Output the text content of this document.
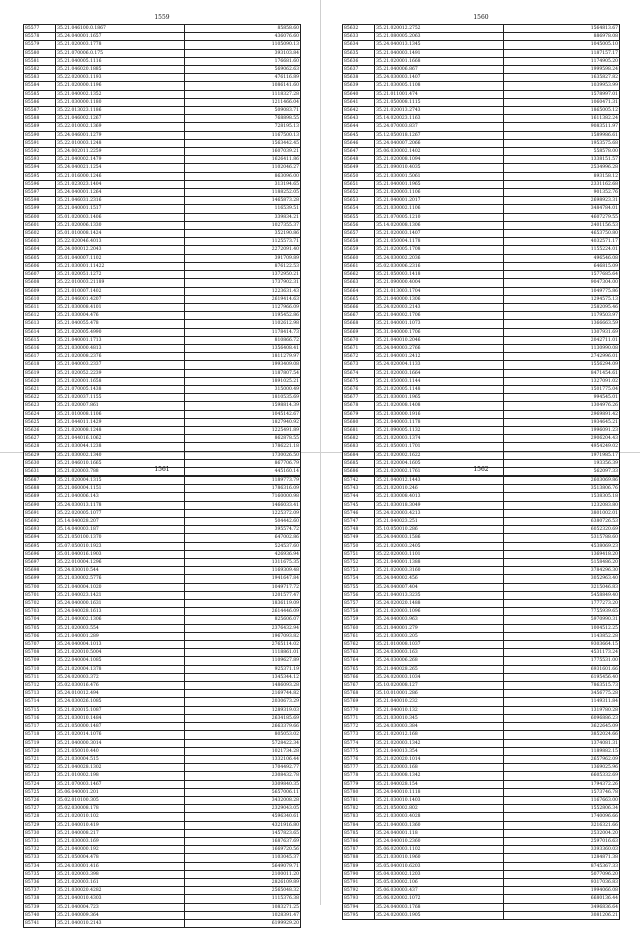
1559
85577	35.21.046100.0.1867	85858.60
85578	35.24.040001.1657	436076.60
85579	35.21.020003.1778	1105090.13
85580	35.21.070006.0.175	393103.84
85581	35.21.040005.1116	176681.60
85582	35.21.046020.1885	569062.63
85583	35.22.020003.1193	476116.89
85584	35.21.020000.1196	1086141.60
85585	35.21.040002.1352	1118327.28
85586	35.21.030000.1180	1211466.04
85587	35.22.013023.1186	509083.71
85588	35.21.046002.1267	768898.55
85589	35.22.010002.1369	728195.13
85590	35.24.046001.1279	1167500.13
85591	35.22.010003.1248	1563442.45
85592	35.24.002011.2259	1607039.21
85593	35.21.040002.1479	1626411.86
85594	35.24.040021.1254	1102046.27
85595	35.21.016000.1246	863096.00
85596	35.21.023023.1404	313194.65
85597	35.24.040001.1264	1188252.05
85598	35.21.046031.2316	1465873.28
85599	35.21.040001.1517	116539.51
85600	35.01.020003.1406	339834.21
85601	35.21.020006.1330	1027355.37
85602	35.01.010008.1424	352190.86
85603	35.22.020046.4013	1125573.71
85604	35.24.000012.2043	2272091.40
85605	35.01.040007.1102	391709.89
85606	35.21.030001.11422	876122.53
85607	35.21.020051.1272	1372950.21
85608	35.22.010003.21189	1737902.31
85609	35.21.010007.1402	1223631.43
85610	35.21.046001.4207	2619414.63
85611	35.21.030008.4101	1127966.09
85612	35.21.030004.476	1195452.86
85613	35.21.040055.478	1102612.98
85614	35.21.020005.4990	1178414.73
85615	35.21.040001.1713	810866.72
85616	35.21.030000.4813	1356408.41
85617	35.21.020008.2376	1811279.97
85618	35.21.040003.2337	1993409.08
85619	35.21.020052.2239	1187807.54
85620	35.21.020001.1658	1891025.21
85621	35.21.070005.1438	315000.49
85622	35.21.020037.1155	1810535.69
85623	35.21.020007.861	1598814.39
85624	35.21.010008.1106	1045142.67
85625	35.21.044011.1429	1827940.92
85626	35.21.020008.1248	1225491.89
85627	35.21.044016.1062	862878.55
85628	35.21.030044.1238	1786221.18
85629	35.21.030002.1340	1730026.50
85630	35.21.046010.1665	867706.79
85631	35.21.020003.788	445160.14
1560
85632	35.21.020012.2752	1564813.67
85633	35.21.080005.2063	886978.08
85634	35.24.040013.1345	1045005.10
85635	35.21.040003.1491	1187157.17
85636	35.21.020001.1668	1174905.20
85637	35.21.040006.867	1999598.24
85638	35.24.030003.1407	1635827.82
85639	35.21.030005.1108	1039953.99
85640	35.21.011001.474	1578997.01
85641	35.21.050008.1115	1060471.31
85642	35.21.020013.2743	1865005.12
85643	35.14.020023.1163	1611382.24
85644	35.24.070003.837	9083511.97
85645	35.12.050018.1267	1589986.61
85646	35.24.040007.2066	1953575.68
85647	35.06.030002.1402	558578.00
85648	35.21.020008.1094	1338151.57
85649	35.21.090010.4035	2534996.28
85650	35.21.030001.5061	893158.12
85651	35.21.040001.1965	2331162.68
85652	35.21.020003.1106	901352.76
85653	35.21.040001.2017	2698923.31
85654	35.21.030002.1106	3484784.01
85655	35.21.070005.1210	4607279.55
85656	35.14.020008.1306	2401156.53
85657	35.21.020003.1407	4653750.80
85658	35.21.050004.1178	4032571.17
85659	35.21.020005.1708	1155224.01
85660	35.24.030002.2036	496546.08
85661	35.02.030006.2316	646815.09
85662	35.21.050003.1418	1577685.64
85663	35.21.090000.4004	9047304.00
85664	35.21.013003.1704	1049775.86
85665	35.21.040000.1306	1294575.13
85666	35.24.020003.2143	2582095.46
85667	35.21.040002.1706	1179503.97
85668	35.21.040001.1073	1366663.59
85669	35.31.040000.1706	1307931.69
85670	35.21.040010.2046	2042711.01
85671	35.24.040003.2766	1130990.08
85672	35.21.040001.2412	2742996.01
85673	35.24.020004.1133	1556294.09
85674	35.21.020003.1664	8471454.61
85675	35.21.050003.1144	1327091.02
85676	35.21.020005.1148	1501775.04
85677	35.21.030001.1965	994545.01
85678	35.21.020008.1408	1304976.26
85679	35.21.030000.1916	2969891.42
85680	35.21.040003.1178	1934645.21
85681	35.21.090005.1132	1996091.23
85682	35.21.020003.1374	2906204.43
85683	35.21.050001.1701	4954249.02
85684	35.21.020002.1622	1971985.17
85685	35.21.020004.1605	193356.39
85686	35.21.020002.1761	562097.33
1561
85687	35.21.020004.1315	1189773.79
85688	35.21.060004.1151	1786316.09
85689	35.21.040006.143	7160000.98
85690	35.24.030013.1178	1466033.41
85691	35.22.020005.1077	1225372.09
85692	35.14.040028.207	504442.60
85693	35.14.040003.187	395574.72
85694	35.21.050100.1370	647002.86
85695	35.07.050010.1923	524537.60
85696	35.01.040016.1903	426936.94
85697	35.22.010004.1296	1311675.35
85698	35.24.030010.544	1169309.48
85699	35.21.030002.5776	1941647.84
85700	35.21.040004.1020	1049717.72
85701	35.21.040023.1421	1201577.47
85702	35.24.040000.1631	1836119.09
85703	35.24.040028.1613	2614446.09
85704	35.21.040002.1306	825606.07
85705	35.21.020003.554	2376432.94
85706	35.21.040001.289	1967093.82
85707	35.24.040004.1013	2765114.02
85708	35.21.020010.5004	1118861.01
85709	35.22.040004.1085	1109627.89
85710	35.21.020004.1378	925371.19
85711	35.24.020003.372	1345344.12
85712	35.02.030016.476	1486093.28
85713	35.24.010012.494	2169744.82
85714	35.24.030026.1085	2030673.29
85715	35.21.020015.1087	1289319.03
85716	35.21.030010.1484	2634185.69
85717	35.21.050000.1487	2663379.66
85718	35.21.020014.1076	805053.02
85719	35.21.040000.3014	5728422.34
85720	35.21.050010.440	1021734.28
85721	35.21.030004.515	1332106.44
85722	35.21.040028.1302	1704492.77
85723	35.21.010002.198	2308432.78
85724	35.21.070003.1467	3309840.35
85725	35.06.040001.201	5657006.11
85726	35.02.010100.305	3432008.28
85727	35.02.030008.178	2329043.05
85728	35.21.020010.102	4596340.61
85729	35.21.040010.419	4321916.80
85730	35.21.040008.217	1457823.65
85731	35.21.030003.169	1687637.69
85732	35.21.040000.192	1669720.56
85733	35.21.050004.478	1103045.37
85734	35.24.030001.416	5649079.71
85735	35.21.020003.398	2100011.20
85736	35.21.020003.161	2826109.89
85737	35.21.030020.4282	2565048.32
85738	35.21.040010.4303	1115376.38
85739	35.21.040004.723	1083271.25
85740	35.21.040009.364	1028391.47
85741	35.21.040010.2143	6199929.20
1562
85742	35.21.040012.1443	2603069.86
85743	35.21.020010.246	3513806.76
85744	35.21.030008.4013	1538305.18
85745	35.21.030018.3049	1232083.80
85746	35.24.020003.4213	3801002.01
85747	35.21.040023.251	6380726.53
85748	35.10.050010.286	6052320.69
85749	35.24.040003.1586	5315788.60
85750	35.21.020003.2405	4538069.23
85751	35.22.020003.1101	1369418.20
85752	35.21.040001.1388	5158486.20
85753	35.21.020003.3160	3784296.30
85754	35.24.040002.456	3052963.40
85755	35.24.040007.404	3215046.83
85756	35.21.040013.3235	5458849.40
85757	35.24.020020.1488	1777273.20
85758	35.21.020003.1096	7755939.65
85759	35.24.040003.963	5970990.31
85760	35.21.040001.279	1004512.25
85761	35.21.030003.205	1143852.28
85762	35.21.010008.1037	9303664.15
85763	35.24.030003.163	4531173.24
85764	35.24.030006.268	1775531.00
85765	35.21.040028.265	6931601.66
85766	35.24.020003.1034	6195456.40
85767	35.10.020008.127	7863515.73
85768	35.10.010001.286	3456775.28
85769	35.21.040010.232	1149311.84
85770	35.21.040010.132	1319780.28
85771	35.21.030010.345	6096886.23
85772	35.24.030003.384	3622645.09
85773	35.21.020012.168	3852024.66
85774	35.21.020003.1342	1374081.31
85775	35.21.040013.354	1189882.15
85776	35.21.020020.1014	2657962.09
85777	35.21.020003.168	1369025.96
85778	35.21.030008.1342	6605332.69
85779	35.21.040028.154	1794372.26
85780	35.24.040010.1118	1573746.78
85781	35.21.030010.1403	1167663.00
85782	35.21.050002.802	1552806.34
85783	35.21.030003.4028	1740096.66
85784	35.21.040003.1360	3216321.66
85785	35.24.040001.118	2532004.20
85786	35.24.040010.2360	2597016.63
85787	35.06.020003.1102	3393360.03
85788	35.21.030010.1960	1284871.38
85789	35.05.040010.6203	8745367.33
85790	35.04.030002.1203	5077096.20
85791	35.05.030002.106	9317036.83
85792	35.06.030003.437	1994066.08
85793	35.06.020002.1072	6680136.44
85794	35.24.040003.1768	3496836.64
85795	35.24.020003.1905	3081206.21
